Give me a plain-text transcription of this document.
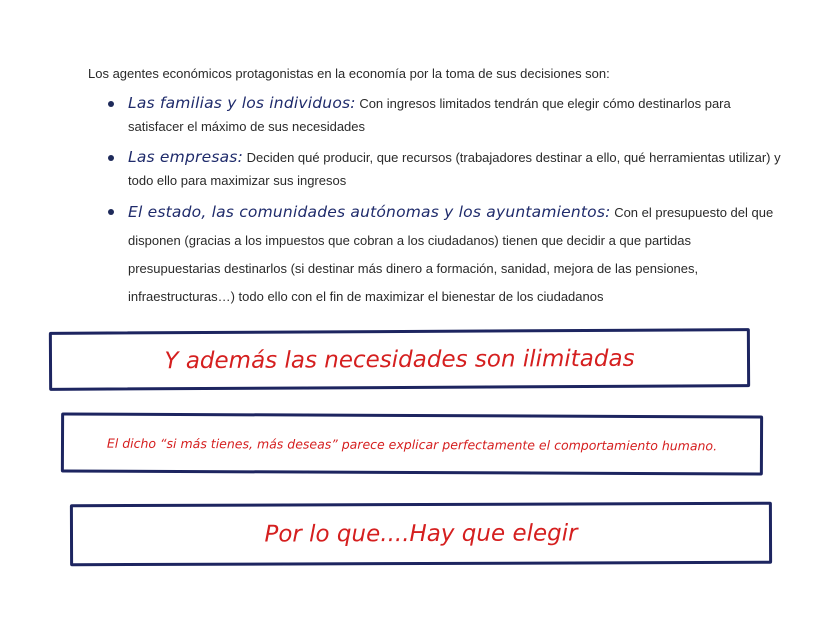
Los agentes económicos protagonistas en la economía por la toma de sus decisiones son:

Las familias y los individuos: Con ingresos limitados tendrán que elegir cómo destinarlos para satisfacer el máximo de sus necesidades
Las empresas: Deciden qué producir, que recursos (trabajadores destinar a ello, qué herramientas utilizar) y todo ello para maximizar sus ingresos
El estado, las comunidades autónomas y los ayuntamientos: Con el presupuesto del que disponen (gracias a los impuestos que cobran a los ciudadanos) tienen que decidir a que partidas presupuestarias destinarlos (si destinar más dinero a formación, sanidad, mejora de las pensiones, infraestructuras…) todo ello con el fin de maximizar el bienestar de los ciudadanos
Y además las necesidades son ilimitadas
El dicho “si más tienes, más deseas” parece explicar perfectamente el comportamiento humano.
Por lo que....Hay que elegir
